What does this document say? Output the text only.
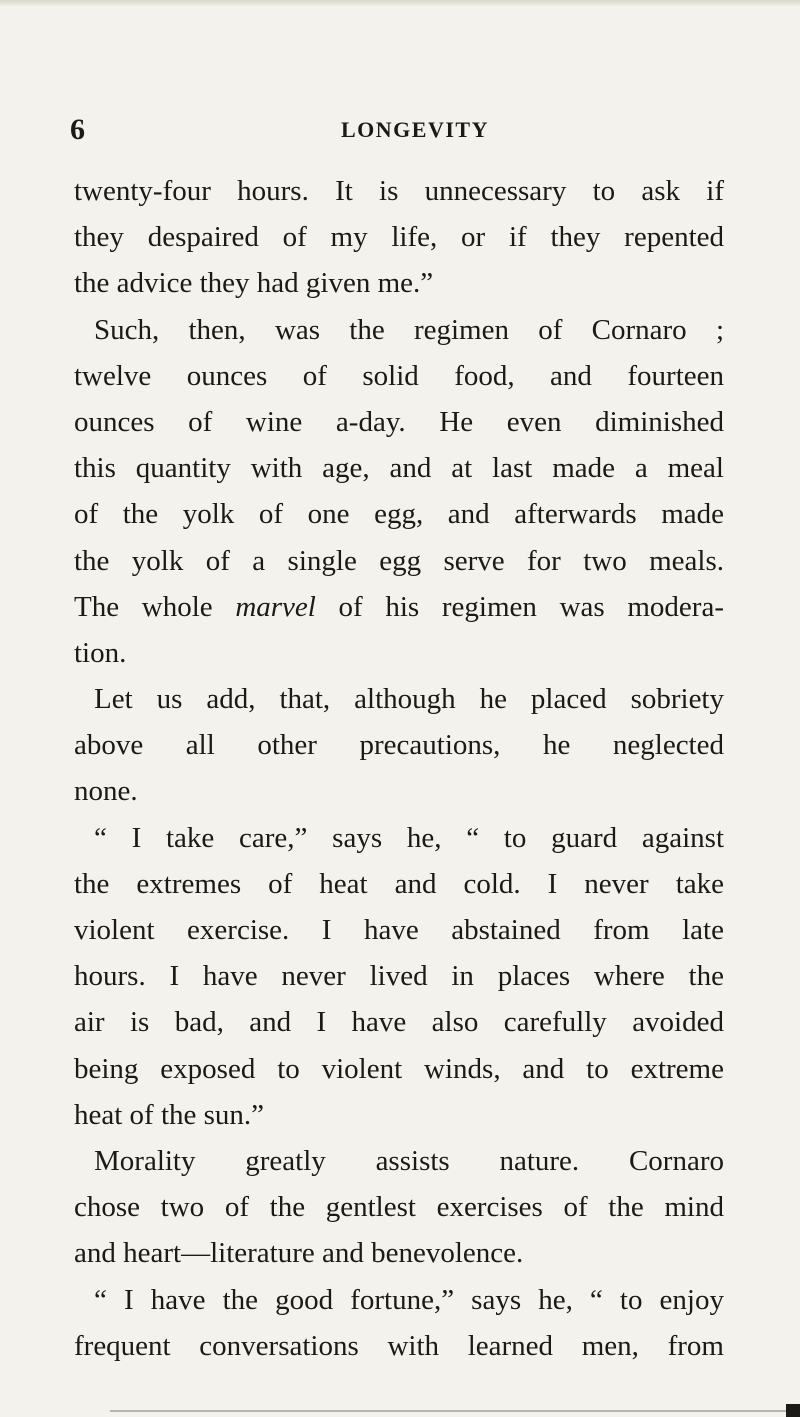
6	LONGEVITY
twenty-four hours. It is unnecessary to ask if
they despaired of my life, or if they repented
the advice they had given me.”
Such, then, was the regimen of Cornaro ;
twelve ounces of solid food, and fourteen
ounces of wine a-day. He even diminished
this quantity with age, and at last made a meal
of the yolk of one egg, and afterwards made
the yolk of a single egg serve for two meals.
The whole marvel of his regimen was modera-
tion.
Let us add, that, although he placed sobriety
above all other precautions, he neglected
none.
“ I take care,” says he, “ to guard against
the extremes of heat and cold. I never take
violent exercise. I have abstained from late
hours. I have never lived in places where the
air is bad, and I have also carefully avoided
being exposed to violent winds, and to extreme
heat of the sun.”
Morality greatly assists nature. Cornaro
chose two of the gentlest exercises of the mind
and heart—literature and benevolence.
“ I have the good fortune,” says he, “ to enjoy
frequent conversations with learned men, from
